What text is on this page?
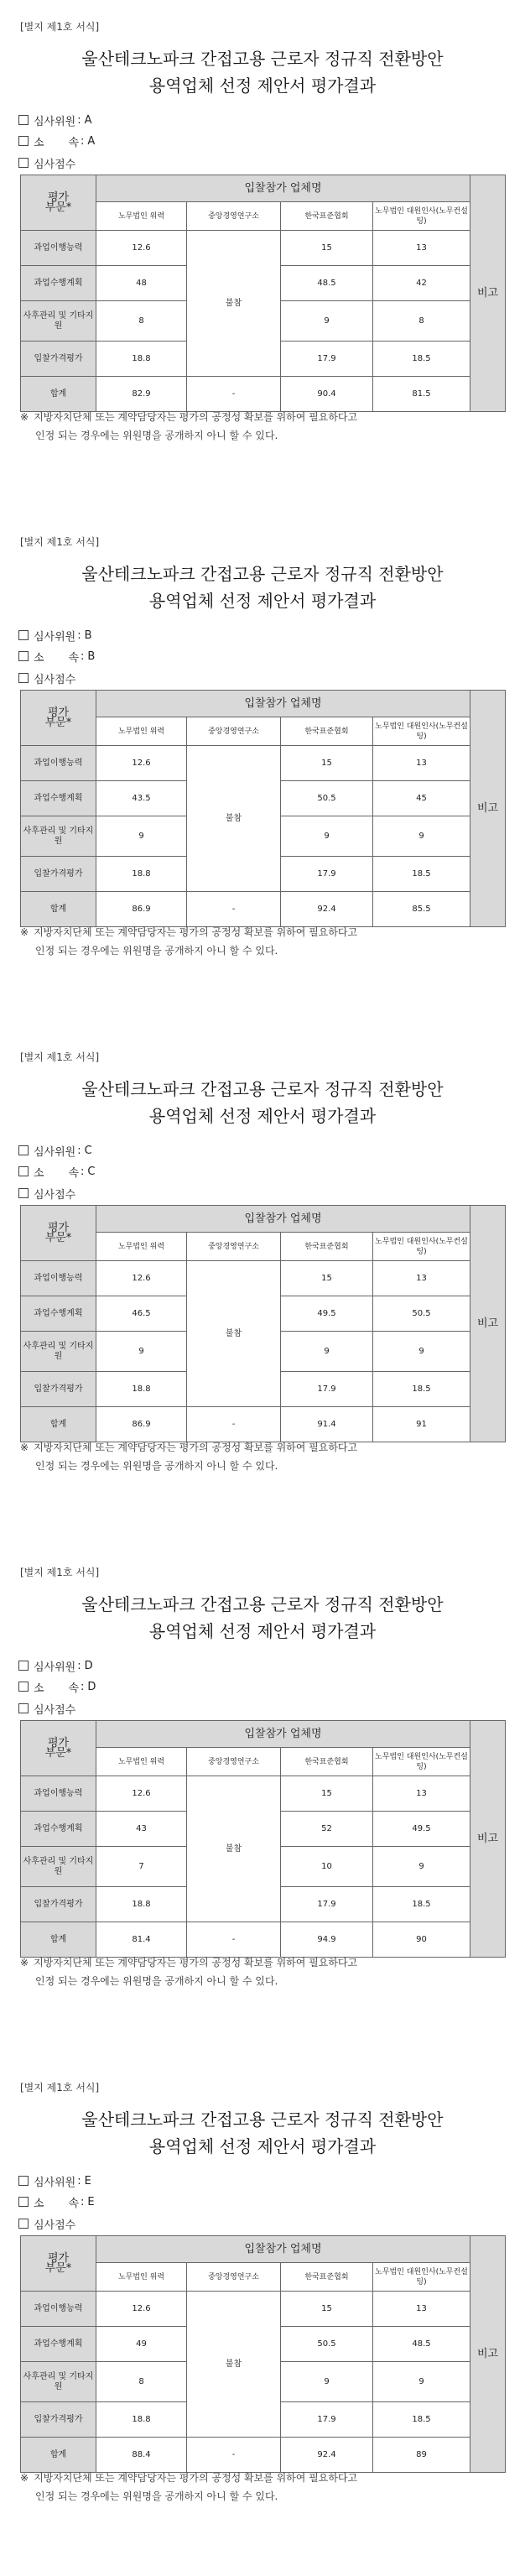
[별지 제1호 서식]
울산테크노파크 간접고용 근로자 정규직 전환방안
용역업체 선정 제안서 평가결과
심사위원 : A
소 속 : A
심사점수
평가
부문*	입찰참가 업체명				비고
	노무법인 위력	중앙경영연구소	한국표준협회	노무법인 대원인사(노무컨설팅)	
과업이행능력	12.6	불참	15	13	
과업수행계획	48		48.5	42	
사후관리 및 기타지원	8		9	8	
입찰가격평가	18.8		17.9	18.5	
합계	82.9	-	90.4	81.5	
※ 지방자치단체 또는 계약담당자는 평가의 공정성 확보를 위하여 필요하다고
인정 되는 경우에는 위원명을 공개하지 아니 할 수 있다.
[별지 제1호 서식]
울산테크노파크 간접고용 근로자 정규직 전환방안
용역업체 선정 제안서 평가결과
심사위원 : B
소 속 : B
심사점수
평가
부문*	입찰참가 업체명				비고
	노무법인 위력	중앙경영연구소	한국표준협회	노무법인 대원인사(노무컨설팅)	
과업이행능력	12.6	불참	15	13	
과업수행계획	43.5		50.5	45	
사후관리 및 기타지원	9		9	9	
입찰가격평가	18.8		17.9	18.5	
합계	86.9	-	92.4	85.5	
※ 지방자치단체 또는 계약담당자는 평가의 공정성 확보를 위하여 필요하다고
인정 되는 경우에는 위원명을 공개하지 아니 할 수 있다.
[별지 제1호 서식]
울산테크노파크 간접고용 근로자 정규직 전환방안
용역업체 선정 제안서 평가결과
심사위원 : C
소 속 : C
심사점수
평가
부문*	입찰참가 업체명				비고
	노무법인 위력	중앙경영연구소	한국표준협회	노무법인 대원인사(노무컨설팅)	
과업이행능력	12.6	불참	15	13	
과업수행계획	46.5		49.5	50.5	
사후관리 및 기타지원	9		9	9	
입찰가격평가	18.8		17.9	18.5	
합계	86.9	-	91.4	91	
※ 지방자치단체 또는 계약담당자는 평가의 공정성 확보를 위하여 필요하다고
인정 되는 경우에는 위원명을 공개하지 아니 할 수 있다.
[별지 제1호 서식]
울산테크노파크 간접고용 근로자 정규직 전환방안
용역업체 선정 제안서 평가결과
심사위원 : D
소 속 : D
심사점수
평가
부문*	입찰참가 업체명				비고
	노무법인 위력	중앙경영연구소	한국표준협회	노무법인 대원인사(노무컨설팅)	
과업이행능력	12.6	불참	15	13	
과업수행계획	43		52	49.5	
사후관리 및 기타지원	7		10	9	
입찰가격평가	18.8		17.9	18.5	
합계	81.4	-	94.9	90	
※ 지방자치단체 또는 계약담당자는 평가의 공정성 확보를 위하여 필요하다고
인정 되는 경우에는 위원명을 공개하지 아니 할 수 있다.
[별지 제1호 서식]
울산테크노파크 간접고용 근로자 정규직 전환방안
용역업체 선정 제안서 평가결과
심사위원 : E
소 속 : E
심사점수
평가
부문*	입찰참가 업체명				비고
	노무법인 위력	중앙경영연구소	한국표준협회	노무법인 대원인사(노무컨설팅)	
과업이행능력	12.6	불참	15	13	
과업수행계획	49		50.5	48.5	
사후관리 및 기타지원	8		9	9	
입찰가격평가	18.8		17.9	18.5	
합계	88.4	-	92.4	89	
※ 지방자치단체 또는 계약담당자는 평가의 공정성 확보를 위하여 필요하다고
인정 되는 경우에는 위원명을 공개하지 아니 할 수 있다.
